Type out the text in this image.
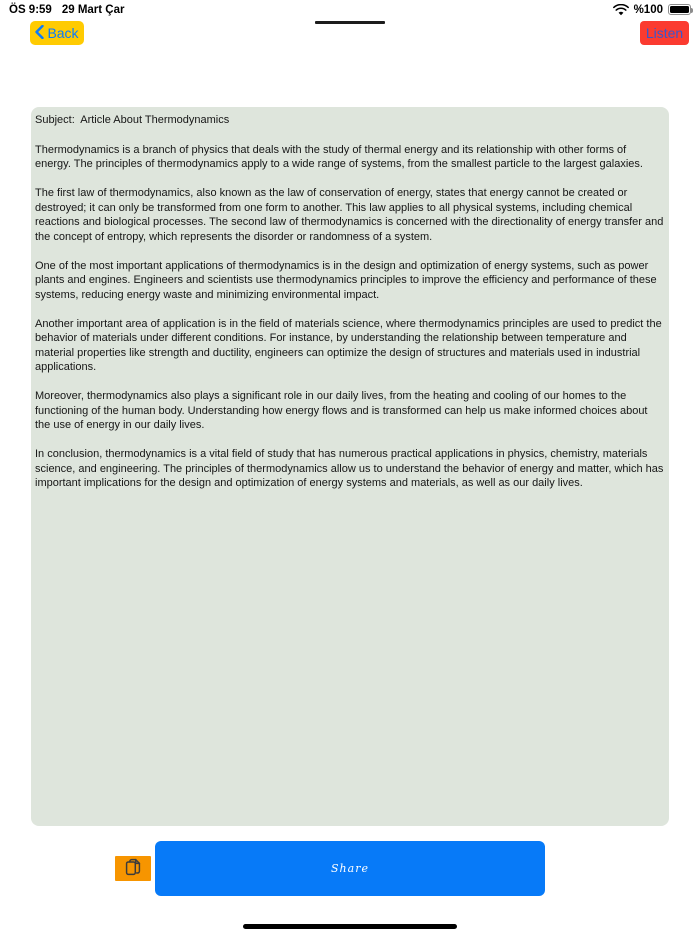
ÖS 9:59 29 Mart Çar	%100
Back	Listen
Subject:  Article About Thermodynamics

Thermodynamics is a branch of physics that deals with the study of thermal energy and its relationship with other forms of energy. The principles of thermodynamics apply to a wide range of systems, from the smallest particle to the largest galaxies.

The first law of thermodynamics, also known as the law of conservation of energy, states that energy cannot be created or destroyed; it can only be transformed from one form to another. This law applies to all physical systems, including chemical reactions and biological processes. The second law of thermodynamics is concerned with the directionality of energy transfer and the concept of entropy, which represents the disorder or randomness of a system.

One of the most important applications of thermodynamics is in the design and optimization of energy systems, such as power plants and engines. Engineers and scientists use thermodynamics principles to improve the efficiency and performance of these systems, reducing energy waste and minimizing environmental impact.

Another important area of application is in the field of materials science, where thermodynamics principles are used to predict the behavior of materials under different conditions. For instance, by understanding the relationship between temperature and material properties like strength and ductility, engineers can optimize the design of structures and materials used in industrial applications.

Moreover, thermodynamics also plays a significant role in our daily lives, from the heating and cooling of our homes to the functioning of the human body. Understanding how energy flows and is transformed can help us make informed choices about the use of energy in our daily lives.

In conclusion, thermodynamics is a vital field of study that has numerous practical applications in physics, chemistry, materials science, and engineering. The principles of thermodynamics allow us to understand the behavior of energy and matter, which has important implications for the design and optimization of energy systems and materials, as well as our daily lives.

Share
